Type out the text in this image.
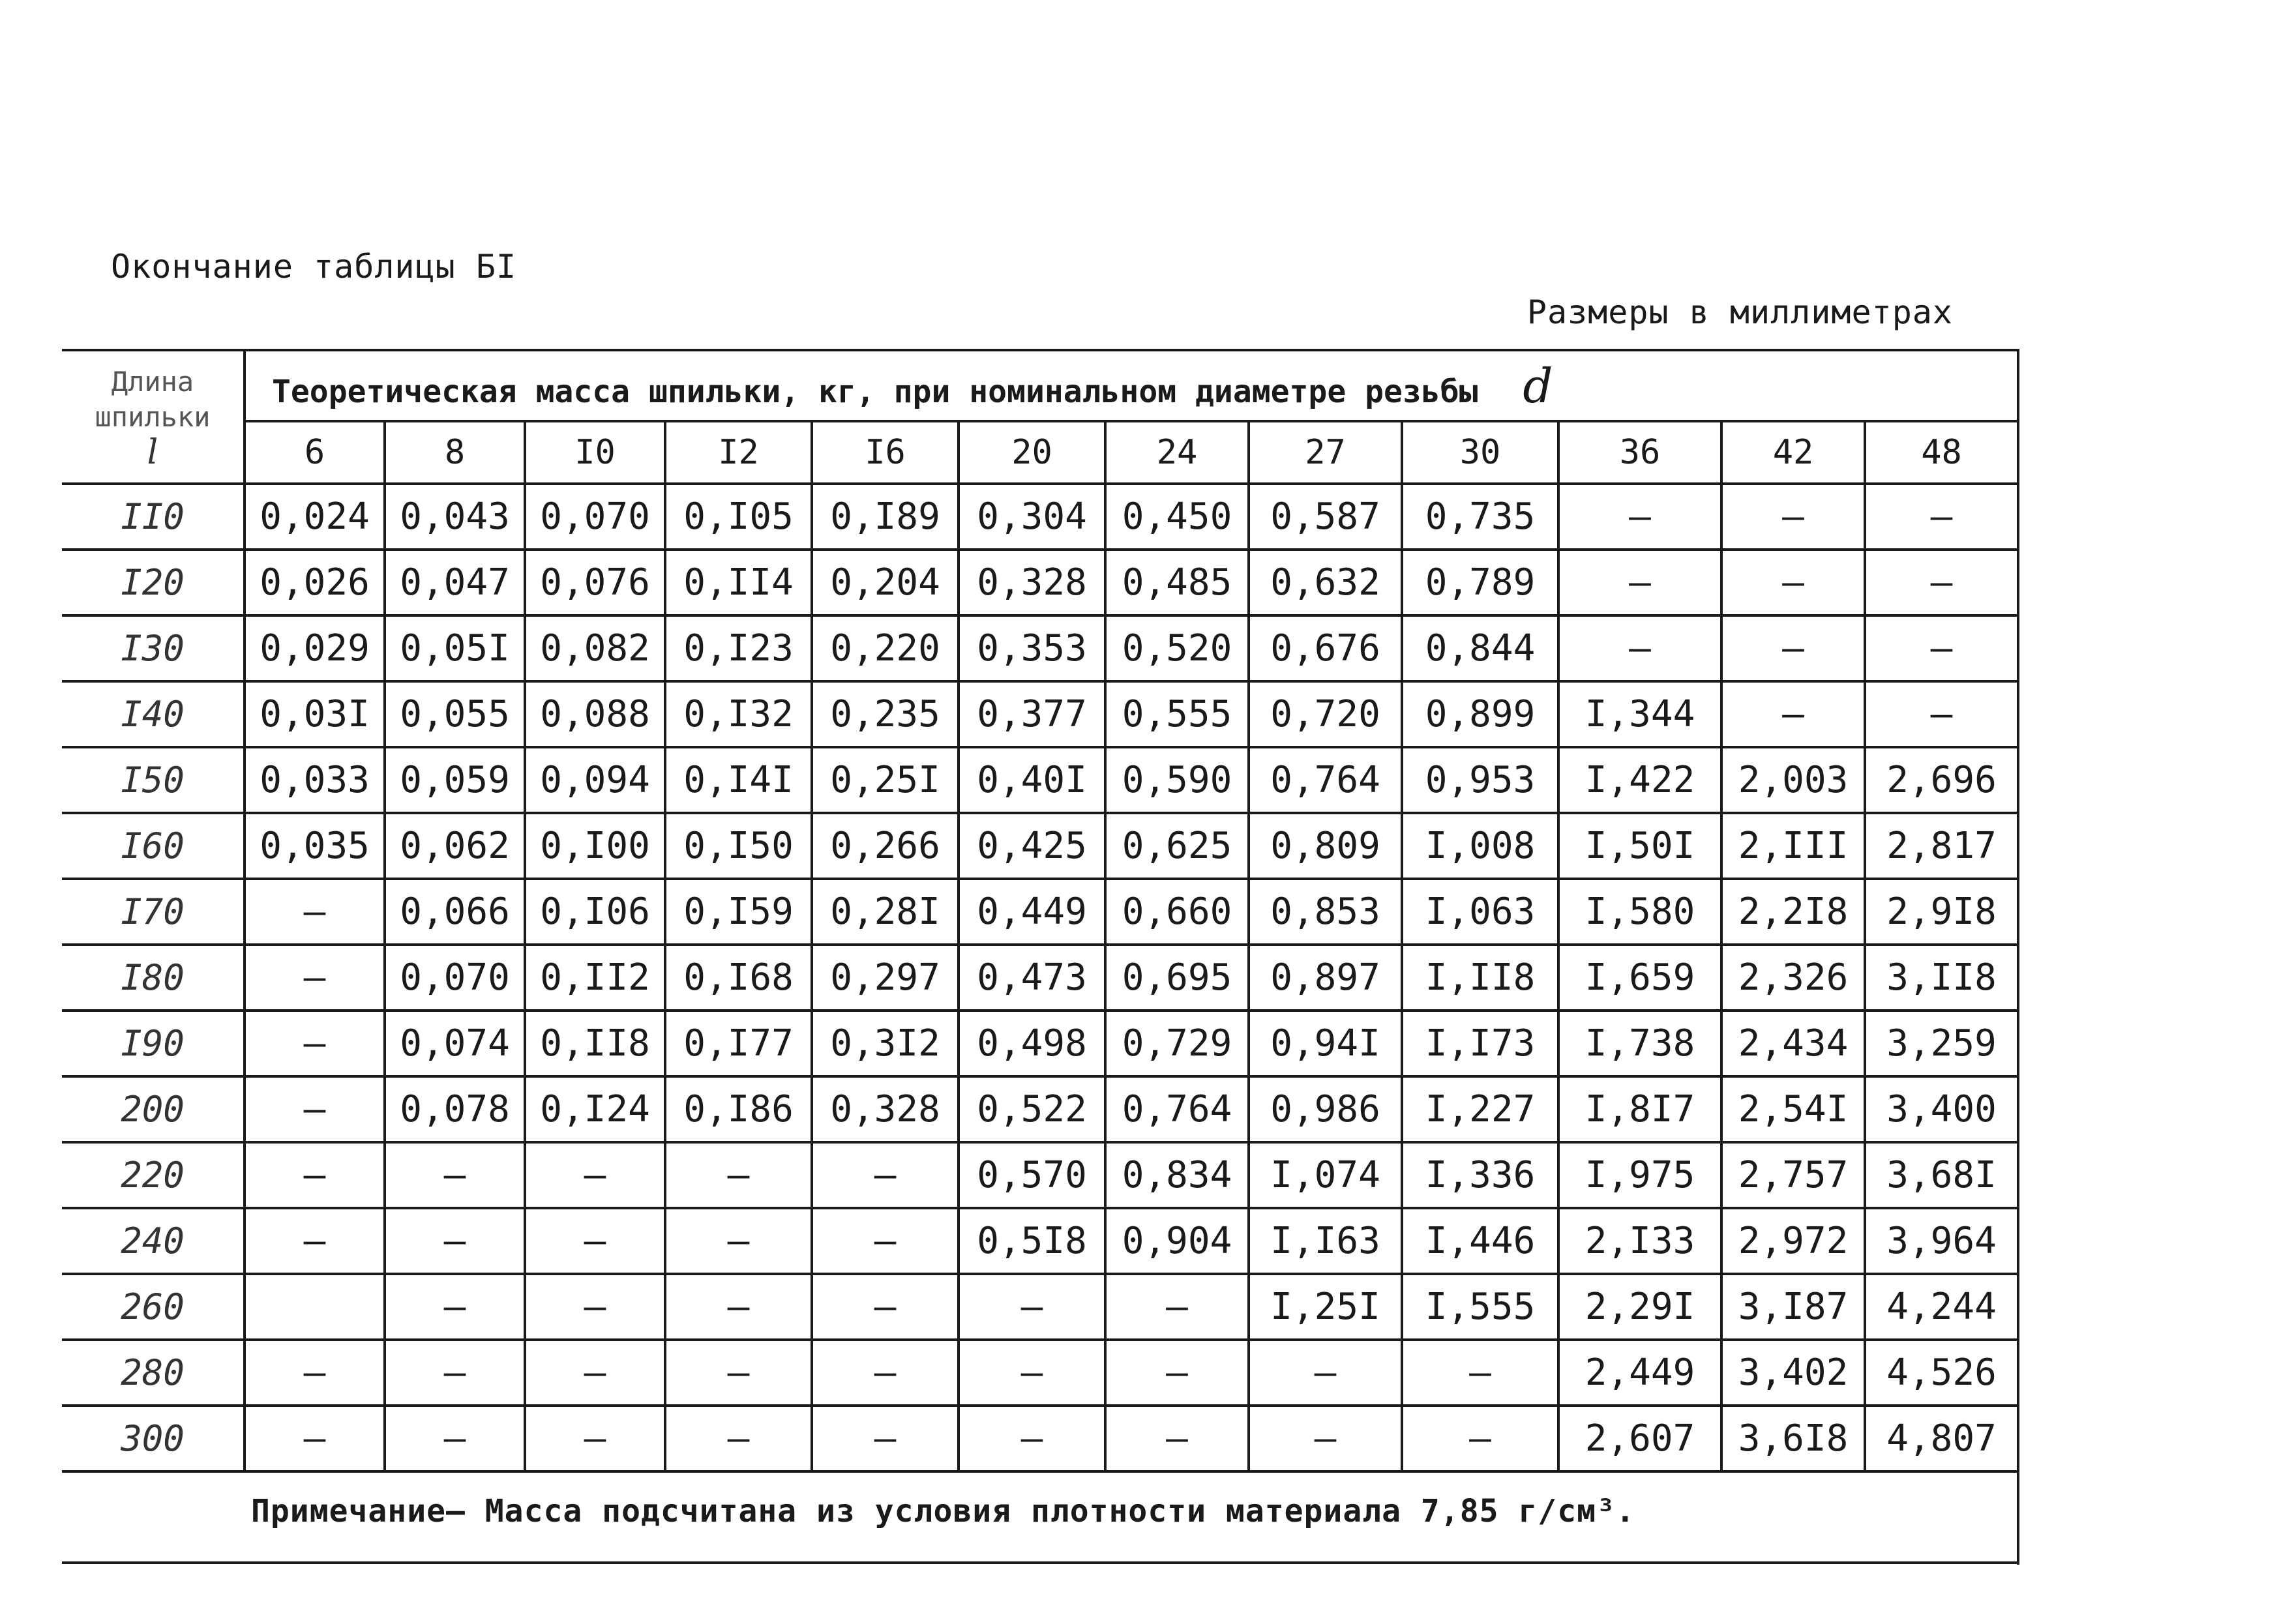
Окончание таблицы БI
Размеры в миллиметрах
Длина
шпильки
l	Теоретическая масса шпильки, кг, при номинальном диаметре резьбы d											
	6	8	I0	I2	I6	20	24	27	30	36	42	48
II0	0,024	0,043	0,070	0,I05	0,I89	0,304	0,450	0,587	0,735	–	–	–
I20	0,026	0,047	0,076	0,II4	0,204	0,328	0,485	0,632	0,789	–	–	–
I30	0,029	0,05I	0,082	0,I23	0,220	0,353	0,520	0,676	0,844	–	–	–
I40	0,03I	0,055	0,088	0,I32	0,235	0,377	0,555	0,720	0,899	I,344	–	–
I50	0,033	0,059	0,094	0,I4I	0,25I	0,40I	0,590	0,764	0,953	I,422	2,003	2,696
I60	0,035	0,062	0,I00	0,I50	0,266	0,425	0,625	0,809	I,008	I,50I	2,III	2,817
I70	–	0,066	0,I06	0,I59	0,28I	0,449	0,660	0,853	I,063	I,580	2,2I8	2,9I8
I80	–	0,070	0,II2	0,I68	0,297	0,473	0,695	0,897	I,II8	I,659	2,326	3,II8
I90	–	0,074	0,II8	0,I77	0,3I2	0,498	0,729	0,94I	I,I73	I,738	2,434	3,259
200	–	0,078	0,I24	0,I86	0,328	0,522	0,764	0,986	I,227	I,8I7	2,54I	3,400
220	–	–	–	–	–	0,570	0,834	I,074	I,336	I,975	2,757	3,68I
240	–	–	–	–	–	0,5I8	0,904	I,I63	I,446	2,I33	2,972	3,964
260		–	–	–	–	–	–	I,25I	I,555	2,29I	3,I87	4,244
280	–	–	–	–	–	–	–	–	–	2,449	3,402	4,526
300	–	–	–	–	–	–	–	–	–	2,607	3,6I8	4,807
Примечание— Масса подсчитана из условия плотности материала 7,85 г/см³.
